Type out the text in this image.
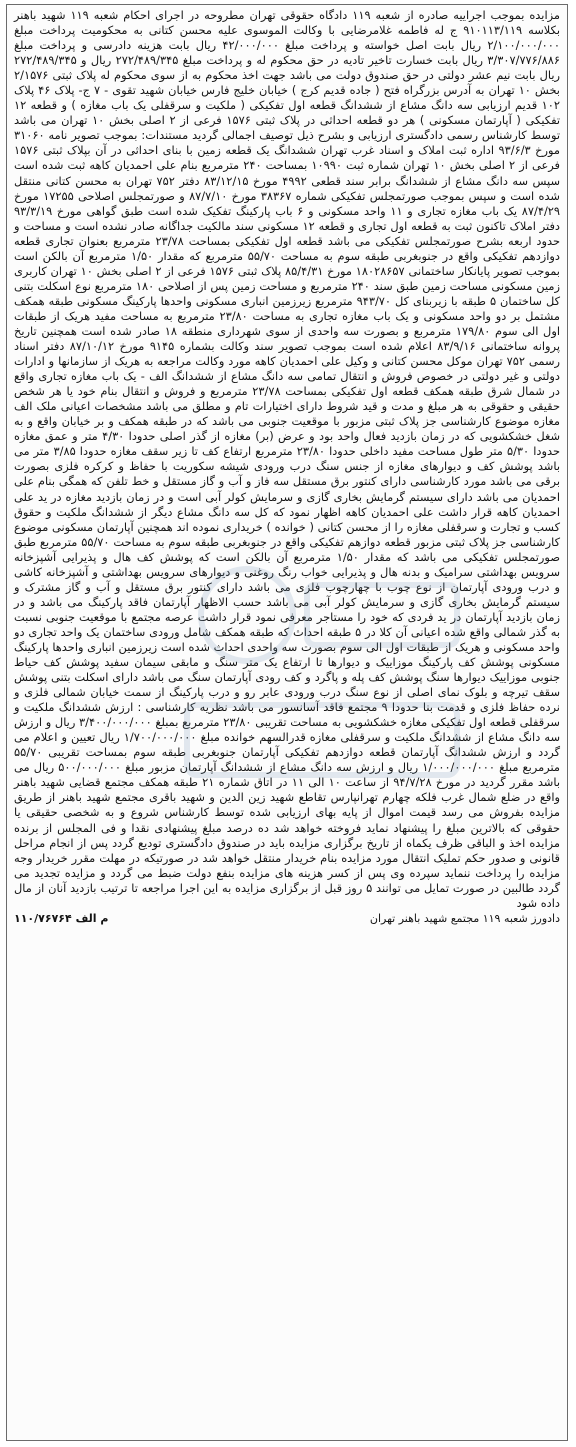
مزایده بموجب اجراییه صادره از شعبه ۱۱۹ دادگاه حقوقی تهران مطروحه در اجرای احکام شعبه ۱۱۹ شهید باهنر بکلاسه ۹۱۰۱۱۳/۱۱۹ ج له فاطمه غلامرضایی با وکالت الموسوی علیه محسن کتانی به محکومیت پرداخت مبلغ ۲/۱۰۰/۰۰۰/۰۰۰ ریال بابت اصل خواسته و پرداخت مبلغ ۴۲/۰۰۰/۰۰۰ ریال بابت هزینه دادرسی و پرداخت مبلغ ۳/۳۰۷/۷۷۶/۸۸۶ ریال بابت خسارت تاخیر تادیه در حق محکوم له و پرداخت مبلغ ۲۷۲/۴۸۹/۳۴۵ ریال و ۲۷۲/۴۸۹/۳۴۵ ریال بابت نیم عشر دولتی در حق صندوق دولت می باشد جهت اخذ محکوم به از سوی محکوم له پلاک ثبتی ۲/۱۵۷۶ بخش ۱۰ تهران به آدرس بزرگراه فتح ( جاده قدیم کرج ) خیابان خلیج فارس خیابان شهید تقوی - ۷ ج- پلاک ۴۶ پلاک ۱۰۲ قدیم ارزیابی سه دانگ مشاع از ششدانگ قطعه اول تفکیکی ( ملکیت و سرقفلی یک باب مغازه ) و قطعه ۱۲ تفکیکی ( آپارتمان مسکونی ) هر دو قطعه احداثی در پلاک ثبتی ۱۵۷۶ فرعی از ۲ اصلی بخش ۱۰ تهران می باشد توسط کارشناس رسمی دادگستری ارزیابی و بشرح ذیل توصیف اجمالی گردید مستندات: بموجب تصویر نامه ۳۱۰۶۰ مورخ ۹۳/۶/۳ اداره ثبت املاک و اسناد غرب تهران ششدانگ یک قطعه زمین با بنای احداثی در آن بپلاک ثبتی ۱۵۷۶ فرعی از ۲ اصلی بخش ۱۰ تهران شماره ثبت ۱۰۹۹۰ بمساحت ۲۴۰ مترمربع بنام علی احمدیان کاهه ثبت شده است سپس سه دانگ مشاع از ششدانگ برابر سند قطعی ۴۹۹۲ مورخ ۸۳/۱۲/۱۵ دفتر ۷۵۲ تهران به محسن کتانی منتقل شده است و سپس بموجب صورتمجلس تفکیکی شماره ۳۸۳۶۷ مورخ ۸۷/۷/۱۰ و صورتمجلس اصلاحی ۱۷۲۵۵ مورخ ۸۷/۴/۲۹ یک باب مغازه تجاری و ۱۱ واحد مسکونی و ۶ باب پارکینگ تفکیک شده است طبق گواهی مورخ ۹۳/۳/۱۹ دفتر املاک تاکنون ثبت به قطعه اول تجاری و قطعه ۱۲ مسکونی سند مالکیت جداگانه صادر نشده است و مساحت و حدود اربعه بشرح صورتمجلس تفکیکی می باشد قطعه اول تفکیکی بمساحت ۲۳/۷۸ مترمربع بعنوان تجاری قطعه دوازدهم تفکیکی واقع در جنوبغربی طبقه سوم به مساحت ۵۵/۷۰ مترمربع که مقدار ۱/۵۰ مترمربع آن بالکن است بموجب تصویر پایانکار ساختمانی ۱۸۰۲۸۶۵۷ مورخ ۸۵/۴/۳۱ پلاک ثبتی ۱۵۷۶ فرعی از ۲ اصلی بخش ۱۰ تهران کاربری زمین مسکونی مساحت زمین طبق سند ۲۴۰ مترمربع و مساحت زمین پس از اصلاحی ۱۸۰ مترمربع نوع اسکلت بتنی کل ساختمان ۵ طبقه با زیربنای کل ۹۴۳/۷۰ مترمربع زیرزمین انباری مسکونی واحدها پارکینگ مسکونی طبقه همکف مشتمل بر دو واحد مسکونی و یک باب مغازه تجاری به مساحت ۲۳/۸۰ مترمربع به مساحت مفید هریک از طبقات اول الی سوم ۱۷۹/۸۰ مترمربع و بصورت سه واحدی از سوی شهرداری منطقه ۱۸ صادر شده است همچنین تاریخ پروانه ساختمانی ۸۳/۹/۱۶ اعلام شده است بموجب تصویر سند وکالت بشماره ۹۱۴۵ مورخ ۸۷/۱۰/۱۲ دفتر اسناد رسمی ۷۵۲ تهران موکل محسن کتانی و وکیل علی احمدیان کاهه مورد وکالت مراجعه به هریک از سازمانها و ادارات دولتی و غیر دولتی در خصوص فروش و انتقال تمامی سه دانگ مشاع از ششدانگ الف - یک باب مغازه تجاری واقع در شمال شرق طبقه همکف قطعه اول تفکیکی بمساحت ۲۳/۷۸ مترمربع و فروش و انتقال بنام خود یا هر شخص حقیقی و حقوقی به هر مبلغ و مدت و قید شروط دارای اختیارات تام و مطلق می باشد مشخصات اعیانی ملک الف مغازه موضوع کارشناسی جز پلاک ثبتی مزبور با موقعیت جنوبی می باشد که در طبقه همکف و بر خیابان واقع و به شغل خشکشویی که در زمان بازدید فعال واحد بود و عرض (بر) مغازه از گذر اصلی حدودا ۴/۳۰ متر و عمق مغازه حدودا ۵/۳۰ متر طول مساحت مفید داخلی حدودا ۲۳/۸۰ مترمربع ارتفاع کف تا زیر سقف مغازه حدودا ۳/۸۵ متر می باشد پوشش کف و دیوارهای مغازه از جنس سنگ درب ورودی شیشه سکوریت با حفاظ و کرکره فلزی بصورت برقی می باشد مورد کارشناسی دارای کنتور برق مستقل سه فاز و آب و گاز مستقل و خط تلفن که همگی بنام علی احمدیان می باشد دارای سیستم گرمایش بخاری گازی و سرمایش کولر آبی است و در زمان بازدید مغازه در ید علی احمدیان کاهه قرار داشت علی احمدیان کاهه اظهار نمود که کل سه دانگ مشاع دیگر از ششدانگ ملکیت و حقوق کسب و تجارت و سرقفلی مغازه را از محسن کتانی ( خوانده ) خریداری نموده اند همچنین آپارتمان مسکونی موضوع کارشناسی جز پلاک ثبتی مزبور قطعه دوازهم تفکیکی واقع در جنوبغربی طبقه سوم به مساحت ۵۵/۷۰ مترمربع طبق صورتمجلس تفکیکی می باشد که مقدار ۱/۵۰ مترمربع آن بالکن است که پوشش کف هال و پذیرایی آشپزخانه سرویس بهداشتی سرامیک و بدنه هال و پذیرایی خواب رنگ روغنی و دیوارهای سرویس بهداشتی و آشپزخانه کاشی و درب ورودی آپارتمان از نوع چوب با چهارچوب فلزی می باشد دارای کنتور برق مستقل و آب و گاز مشترک و سیستم گرمایش بخاری گازی و سرمایش کولر آبی می باشد حسب الاظهار آپارتمان فاقد پارکینگ می باشد و در زمان بازدید آپارتمان در ید فردی که خود را مستاجر معرفی نمود قرار داشت عرصه مجتمع با موقعیت جنوبی نسبت به گذر شمالی واقع شده اعیانی آن کلا در ۵ طبقه احداث که طبقه همکف شامل ورودی ساختمان یک واحد تجاری دو واحد مسکونی و هریک از طبقات اول الی سوم بصورت سه واحدی احداث شده است زیرزمین انباری واحدها پارکینگ مسکونی پوشش کف پارکینگ موزاییک و دیوارها تا ارتفاع یک متر سنگ و مابقی سیمان سفید پوشش کف حیاط جنوبی موزاییک دیوارها سنگ پوشش کف پله و پاگرد و کف رودی آپارتمان سنگ می باشد دارای اسکلت بتنی پوشش سقف تیرچه و بلوک نمای اصلی از نوع سنگ درب ورودی عابر رو و درب پارکینگ از سمت خیابان شمالی فلزی و نرده حفاظ فلزی و قدمت بنا حدودا ۹ مجتمع فاقد آسانسور می باشد نظریه کارشناسی : ارزش ششدانگ ملکیت و سرقفلی قطعه اول تفکیکی مغازه خشکشویی به مساحت تقریبی ۲۳/۸۰ مترمربع بمبلغ ۳/۴۰۰/۰۰۰/۰۰۰ ریال و ارزش سه دانگ مشاع از ششدانگ ملکیت و سرقفلی مغازه قدرالسهم خوانده مبلغ ۱/۷۰۰/۰۰۰/۰۰۰ ریال تعیین و اعلام می گردد و ارزش ششدانگ آپارتمان قطعه دوازدهم تفکیکی آپارتمان جنوبغربی طبقه سوم بمساحت تقریبی ۵۵/۷۰ مترمربع مبلغ ۱/۰۰۰/۰۰۰/۰۰۰ ریال و ارزش سه دانگ مشاع از ششدانگ آپارتمان مزبور مبلغ ۵۰۰/۰۰۰/۰۰۰ ریال می باشد مقرر گردید در مورخ ۹۴/۷/۲۸ از ساعت ۱۰ الی ۱۱ در اتاق شماره ۲۱ طبقه همکف مجتمع قضایی شهید باهنر واقع در ضلع شمال غرب فلکه چهارم تهرانپارس تقاطع شهید زین الدین و شهید باقری مجتمع شهید باهنر از طریق مزایده بفروش می رسد قیمت اموال از پایه بهای ارزیابی شده توسط کارشناس شروع و به شخصی حقیقی یا حقوقی که بالاترین مبلغ را پیشنهاد نماید فروخته خواهد شد ده درصد مبلغ پیشنهادی نقدا و فی المجلس از برنده مزایده اخذ و الباقی ظرف یکماه از تاریخ برگزاری مزایده باید در صندوق دادگستری تودیع گردد پس از انجام مراحل قانونی و صدور حکم تملیک انتقال مورد مزایده بنام خریدار منتقل خواهد شد در صورتیکه در مهلت مقرر خریدار وجه مزایده را پرداخت ننماید سپرده وی پس از کسر هزینه های مزایده بنفع دولت ضبط می گردد و مزایده تجدید می گردد طالبین در صورت تمایل می توانند ۵ روز قبل از برگزاری مزایده به این اجرا مراجعه تا ترتیب بازدید آنان از مال داده شود
دادورز شعبه ۱۱۹ مجتمع شهید باهنر تهران
۱۱۰/۷۶۷۶۴ م الف
